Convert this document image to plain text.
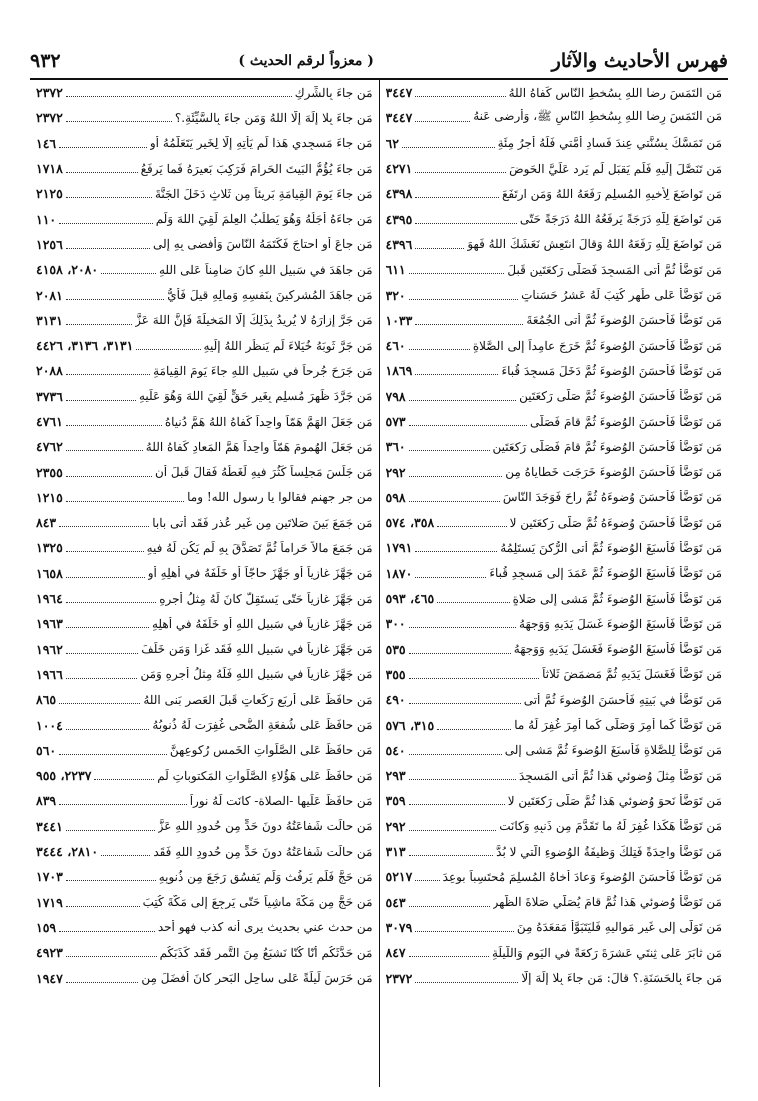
فهرس الأحاديث والآثار
( معزواً لرقم الحديث )
٩٣٢
مَن التَمَسَ رِضا اللهِ بِسُخطِ النّاسِ كَفاهُ اللهُ
٣٤٤٧
مَن التَمَسَ رِضا اللهِ بِسُخطِ النّاسِ ﷺ، وَأَرضى عَنهُ
٣٤٤٧
مَن تَمَسَّكَ بِسُنَّتي عِندَ فَسادِ أُمَّتي فَلَهُ أَجرُ مِئَةِ
٦٢
مَن تَنَصَّلَ إِلَيهِ فَلَم يَقبَل لَم يَرِد عَلَيَّ الحَوضَ
٤٢٧١
مَن تَواضَعَ لِأَخيهِ المُسلِمِ رَفَعَهُ اللهُ وَمَن ارتَفَعَ
٤٣٩٨
مَن تَواضَعَ لِلّهِ دَرَجَةً يَرفَعُهُ اللهُ دَرَجَةً حَتّى
٤٣٩٥
مَن تَواضَعَ لِلّهِ رَفَعَهُ اللهُ وَقالَ انتَعِش نَعَشَكَ اللهُ فَهوَ
٤٣٩٦
مَن تَوَضَّأَ ثُمَّ أَتى المَسجِدَ فَصَلّى رَكعَتَينِ قَبلَ
٦١١
مَن تَوَضَّأَ عَلى طُهرٍ كُتِبَ لَهُ عَشرُ حَسَناتٍ
٣٢٠
مَن تَوَضَّأَ فَأَحسَنَ الوُضوءَ ثُمَّ أَتى الجُمُعَةَ
١٠٣٣
مَن تَوَضَّأَ فَأَحسَنَ الوُضوءَ ثُمَّ خَرَجَ عامِداً إِلى الصَّلاةِ
٤٦٠
مَن تَوَضَّأَ فَأَحسَنَ الوُضوءَ ثُمَّ دَخَلَ مَسجِدَ قُباءَ
١٨٦٩
مَن تَوَضَّأَ فَأَحسَنَ الوُضوءَ ثُمَّ صَلّى رَكعَتَينِ
٧٩٨
مَن تَوَضَّأَ فَأَحسَنَ الوُضوءَ ثُمَّ قامَ فَصَلّى
٥٧٣
مَن تَوَضَّأَ فَأَحسَنَ الوُضوءَ ثُمَّ قامَ فَصَلّى رَكعَتَينِ
٣٦٠
مَن تَوَضَّأَ فَأَحسَنَ الوُضوءَ خَرَجَت خَطاياهُ مِن
٢٩٢
مَن تَوَضَّأَ فَأَحسَنَ وُضوءَهُ ثُمَّ راحَ فَوَجَدَ النّاسَ
٥٩٨
مَن تَوَضَّأَ فَأَحسَنَ وُضوءَهُ ثُمَّ صَلّى رَكعَتَينِ لا
٣٥٨، ٥٧٤
مَن تَوَضَّأَ فَأَسبَغَ الوُضوءَ ثُمَّ أَتى الرُّكنَ يَستَلِمُهُ
١٧٩١
مَن تَوَضَّأَ فَأَسبَغَ الوُضوءَ ثُمَّ عَمَدَ إِلى مَسجِدِ قُباءَ
١٨٧٠
مَن تَوَضَّأَ فَأَسبَغَ الوُضوءَ ثُمَّ مَشى إِلى صَلاةٍ
٤٦٥، ٥٩٣
مَن تَوَضَّأَ فَأَسبَغَ الوُضوءَ غَسَلَ يَدَيهِ وَوَجهَهُ
٣٠٠
مَن تَوَضَّأَ فَأَسبَغَ الوُضوءَ فَغَسَلَ يَدَيهِ وَوَجهَهُ
٥٣٥
مَن تَوَضَّأَ فَغَسَلَ يَدَيهِ ثُمَّ مَضمَضَ ثَلاثاً
٣٥٥
مَن تَوَضَّأَ في بَيتِهِ فَأَحسَنَ الوُضوءَ ثُمَّ أَتى
٤٩٠
مَن تَوَضَّأَ كَما أُمِرَ وَصَلّى كَما أُمِرَ غُفِرَ لَهُ ما
٣١٥، ٥٧٦
مَن تَوَضَّأَ لِلصَّلاةِ فَأَسبَغَ الوُضوءَ ثُمَّ مَشى إِلى
٥٤٠
مَن تَوَضَّأَ مِثلَ وُضوئي هَذا ثُمَّ أَتى المَسجِدَ
٢٩٣
مَن تَوَضَّأَ نَحوَ وُضوئي هَذا ثُمَّ صَلّى رَكعَتَينِ لا
٣٥٩
مَن تَوَضَّأَ هَكَذا غُفِرَ لَهُ ما تَقَدَّمَ مِن ذَنبِهِ وَكانَت
٢٩٢
مَن تَوَضَّأَ واحِدَةً فَتِلكَ وَظيفَةُ الوُضوءِ الَّتي لا بُدَّ
٣١٣
مَن تَوَضَّأَ فَأَحسَنَ الوُضوءَ وَعادَ أَخاهُ المُسلِمَ مُحتَسِباً بوعِدَ
٥٢١٧
مَن تَوَضَّأَ وُضوئي هَذا ثُمَّ قامَ يُصَلّي صَلاةَ الظُّهرِ
٥٤٣
مَن تَوَلّى إِلى غَيرِ مَواليهِ فَليَتَبَوَّأ مَقعَدَهُ مِنَ
٣٠٧٩
مَن ثابَرَ عَلى ثِنتَي عَشرَةَ رَكعَةً في اليَومِ وَاللَّيلَةِ
٨٤٧
مَن جاءَ بِالحَسَنَةِ.؟ قالَ: مَن جاءَ بِلا إِلَهَ إِلّا
٢٣٧٢
مَن جاءَ بِالشِّركِ
٢٣٧٢
مَن جاءَ بِلا إِلَهَ إِلّا اللهُ وَمَن جاءَ بِالسَّيِّئَةِ.؟
٢٣٧٢
مَن جاءَ مَسجِدي هَذا لَم يَأتِهِ إِلّا لِخَيرٍ يَتَعَلَّمُهُ أَو
١٤٦
مَن جاءَ يُؤُمُّ البَيتَ الحَرامَ فَرَكِبَ بَعيرَهُ فَما يَرفَعُ
١٧١٨
مَن جاءَ يَومَ القِيامَةِ بَريئاً مِن ثَلاثٍ دَخَلَ الجَنَّةَ
٢١٢٥
مَن جاءَهُ أَجَلُهُ وَهُوَ يَطلُبُ العِلمَ لَقِيَ اللهَ وَلَم
١١٠
مَن جاعَ أَو احتاجَ فَكَتَمَهُ النّاسَ وَأَفضى بِهِ إِلى
١٢٥٦
مَن جاهَدَ في سَبيلِ اللهِ كانَ ضامِناً عَلى اللهِ
٢٠٨٠، ٤١٥٨
مَن جاهَدَ المُشرِكينَ بِنَفسِهِ وَمالِهِ قيلَ فَأَيُّ
٢٠٨١
مَن جَرَّ إِزارَهُ لا يُريدُ بِذَلِكَ إِلّا المَخيلَةَ فَإِنَّ اللهَ عَزَّ
٣١٣١
مَن جَرَّ ثَوبَهُ خُيَلاءَ لَم يَنظُرِ اللهُ إِلَيهِ
٣١٣١، ٣١٣٦، ٤٤٢٦
مَن جَرَحَ جُرحاً في سَبيلِ اللهِ جاءَ يَومَ القِيامَةِ
٢٠٨٨
مَن جَرَّدَ ظَهرَ مُسلِمٍ بِغَيرِ حَقٍّ لَقِيَ اللهَ وَهُوَ عَلَيهِ
٣٧٣٦
مَن جَعَلَ الهَمَّ هَمّاً واحِداً كَفاهُ اللهُ هَمَّ دُنياهُ
٤٧٦١
مَن جَعَلَ الهُمومَ هَمّاً واحِداً هَمَّ المَعادِ كَفاهُ اللهُ
٤٧٦٢
مَن جَلَسَ مَجلِساً كَثُرَ فيهِ لَغَطُهُ فَقالَ قَبلَ أَن
٢٣٥٥
من جر جهنم فقالوا يا رسول الله! وما
١٢١٥
مَن جَمَعَ بَينَ صَلاتَينِ مِن غَيرِ عُذرٍ فَقَد أَتى بابا
٨٤٣
مَن جَمَعَ مالاً حَراماً ثُمَّ تَصَدَّقَ بِهِ لَم يَكُن لَهُ فيهِ
١٣٢٥
مَن جَهَّزَ غازِياً أَو جَهَّزَ حاجّاً أَو خَلَفَهُ في أَهلِهِ أَو
١٦٥٨
مَن جَهَّزَ غازِياً حَتّى يَستَقِلَّ كانَ لَهُ مِثلُ أَجرِهِ
١٩٦٤
مَن جَهَّزَ غازِياً في سَبيلِ اللهِ أَو خَلَفَهُ في أَهلِهِ
١٩٦٣
مَن جَهَّزَ غازِياً في سَبيلِ اللهِ فَقَد غَزا وَمَن خَلَفَ
١٩٦٢
مَن جَهَّزَ غازِياً في سَبيلِ اللهِ فَلَهُ مِثلُ أَجرِهِ وَمَن
١٩٦٦
مَن حافَظَ عَلى أَربَعِ رَكَعاتٍ قَبلَ العَصرِ بَنى اللهُ
٨٦٥
مَن حافَظَ عَلى شُفعَةِ الضُّحى غُفِرَت لَهُ ذُنوبُهُ
١٠٠٤
مَن حافَظَ عَلى الصَّلَواتِ الخَمسِ رُكوعِهِنَّ
٥٦٠
مَن حافَظَ عَلى هَؤُلاءِ الصَّلَواتِ المَكتوباتِ لَم
٢٢٣٧، ٩٥٥
مَن حافَظَ عَلَيها -الصلاة- كانَت لَهُ نوراً
٨٣٩
مَن حالَت شَفاعَتُهُ دونَ حَدٍّ مِن حُدودِ اللهِ عَزَّ
٣٤٤١
مَن حالَت شَفاعَتُهُ دونَ حَدٍّ مِن حُدودِ اللهِ فَقَد
٢٨١٠، ٣٤٤٤
مَن حَجَّ فَلَم يَرفُث وَلَم يَفسُق رَجَعَ مِن ذُنوبِهِ
١٧٠٣
مَن حَجَّ مِن مَكَّةَ ماشِياً حَتّى يَرجِعَ إِلى مَكَّةَ كُتِبَ
١٧١٩
من حدث عني بحديث يرى أنه كذب فهو أحد
١٥٩
مَن حَدَّثَكُم أَنّا كُنّا نَشبَعُ مِنَ التَّمرِ فَقَد كَذَبَكُم
٤٩٢٣
مَن حَرَسَ لَيلَةً عَلى ساحِلِ البَحرِ كانَ أَفضَلَ مِن
١٩٤٧
